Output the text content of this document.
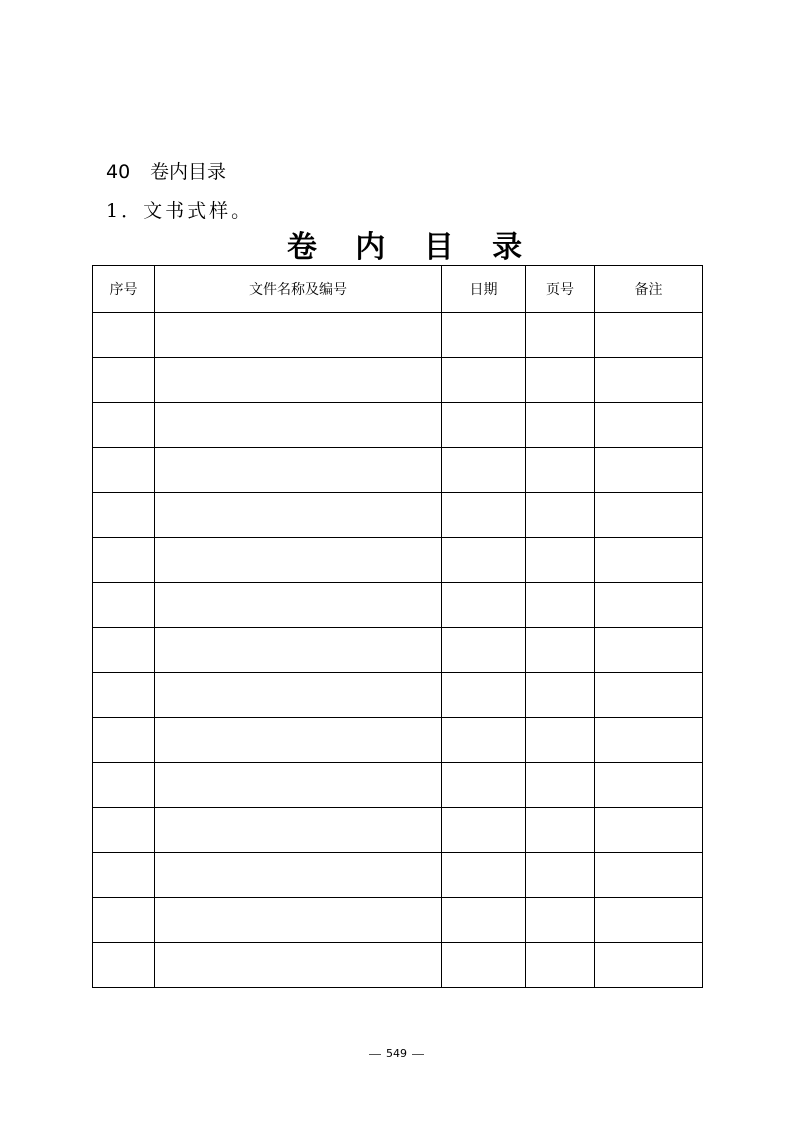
40 卷内目录
1．文书式样。
卷 内 目 录
序号	文件名称及编号	日期	页号	备注

549
